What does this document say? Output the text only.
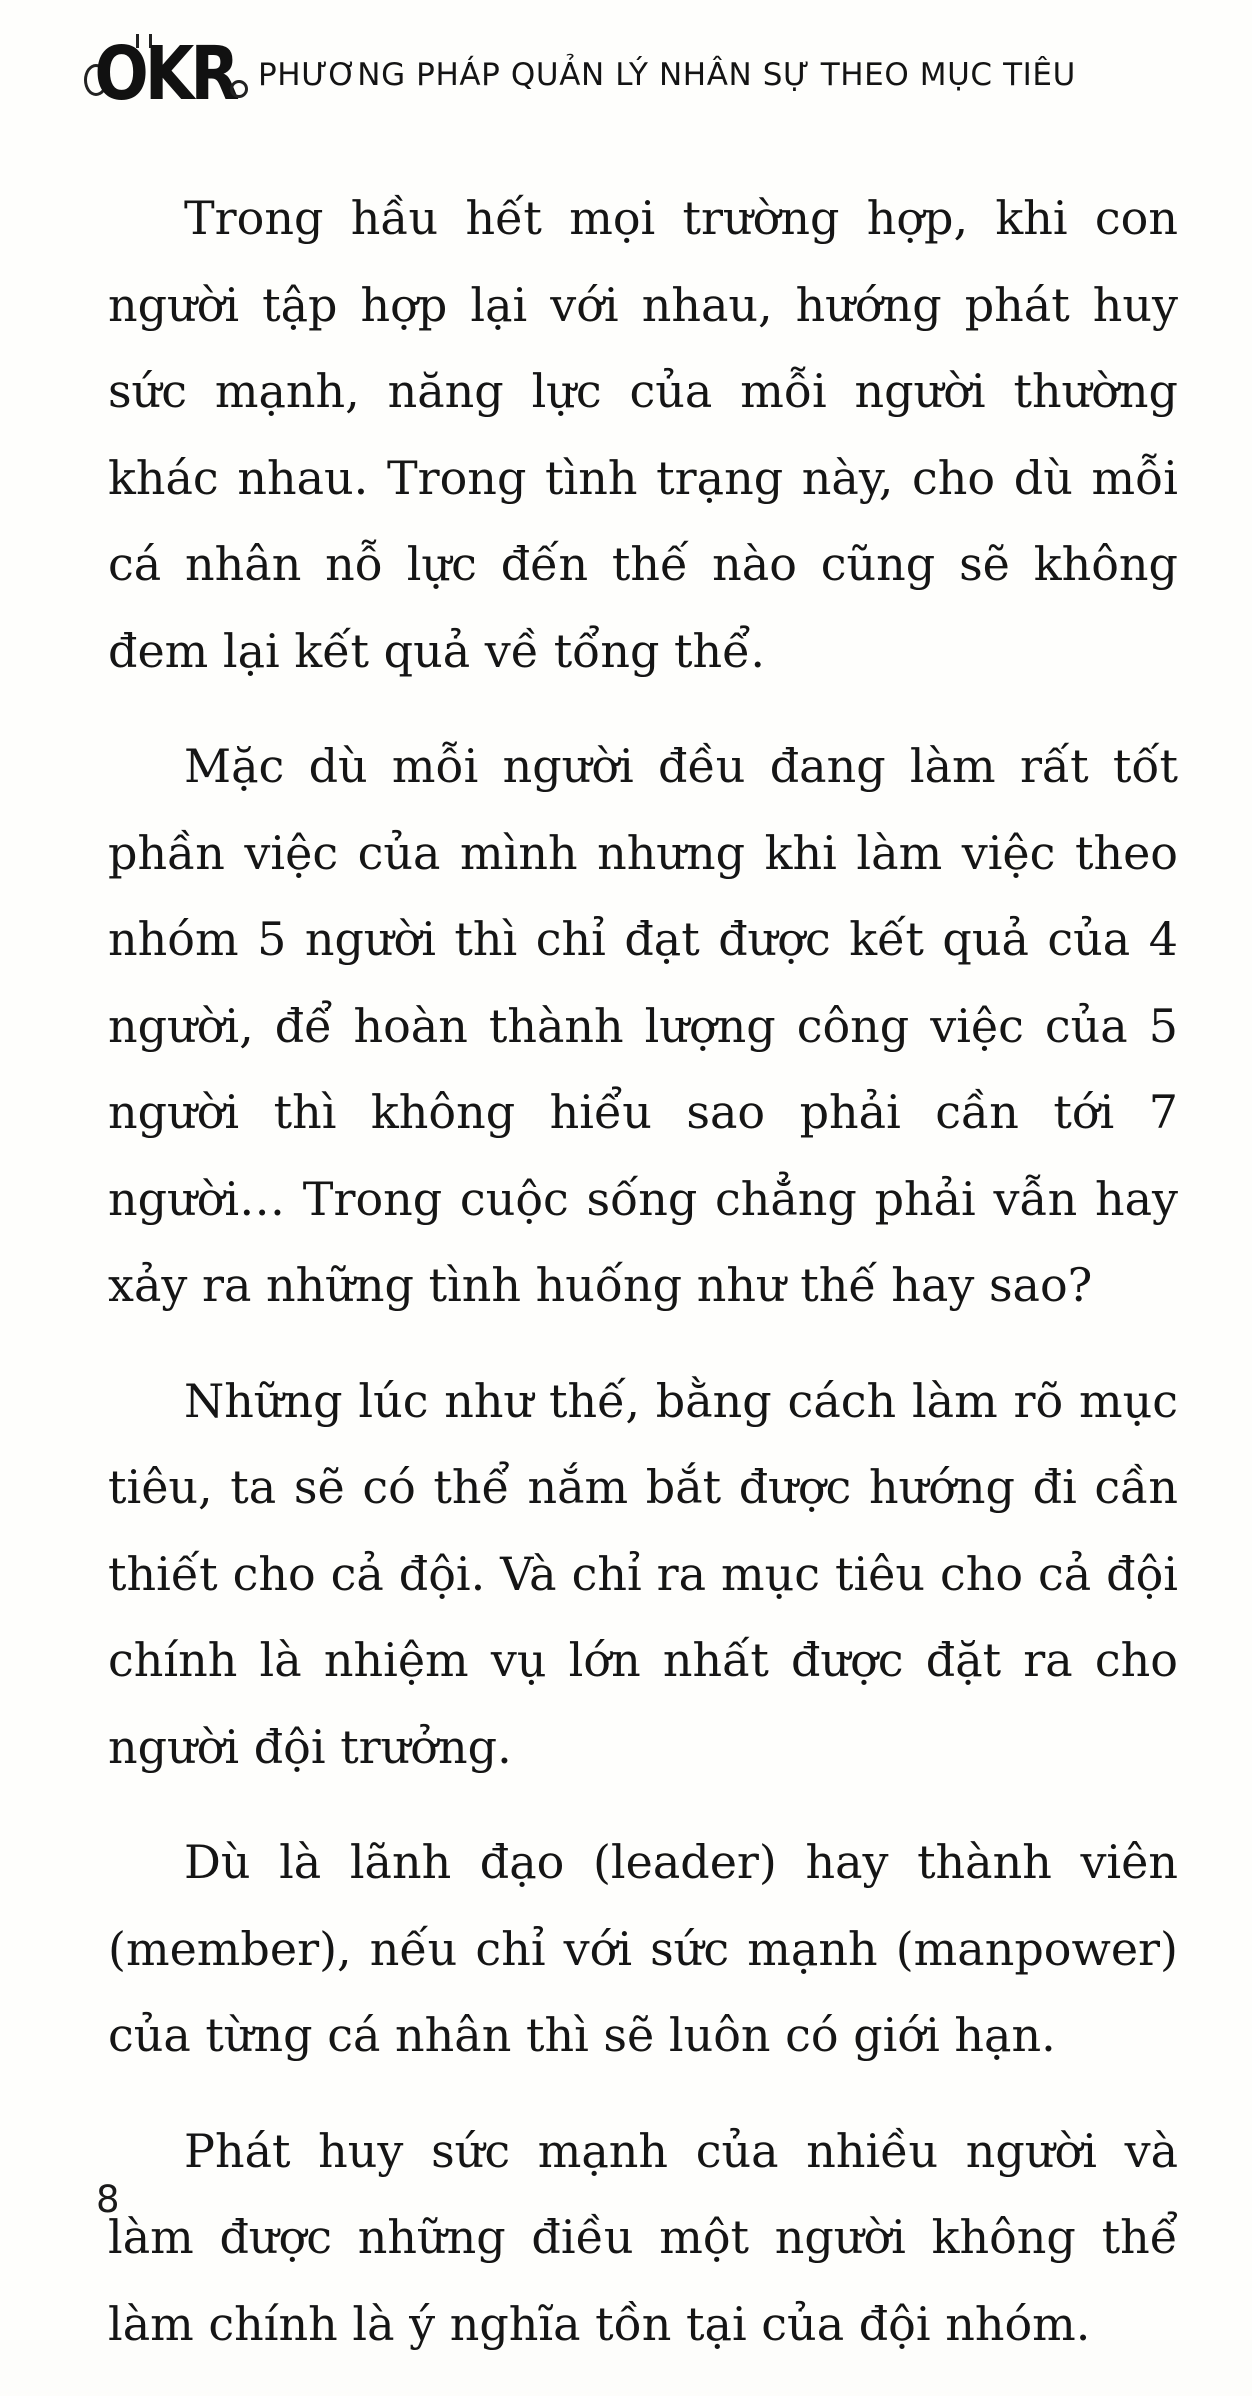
OKR PHƯƠNG PHÁP QUẢN LÝ NHÂN SỰ THEO MỤC TIÊU

Trong hầu hết mọi trường hợp, khi con người tập hợp lại với nhau, hướng phát huy sức mạnh, năng lực của mỗi người thường khác nhau. Trong tình trạng này, cho dù mỗi cá nhân nỗ lực đến thế nào cũng sẽ không đem lại kết quả về tổng thể.

Mặc dù mỗi người đều đang làm rất tốt phần việc của mình nhưng khi làm việc theo nhóm 5 người thì chỉ đạt được kết quả của 4 người, để hoàn thành lượng công việc của 5 người thì không hiểu sao phải cần tới 7 người… Trong cuộc sống chẳng phải vẫn hay xảy ra những tình huống như thế hay sao?

Những lúc như thế, bằng cách làm rõ mục tiêu, ta sẽ có thể nắm bắt được hướng đi cần thiết cho cả đội. Và chỉ ra mục tiêu cho cả đội chính là nhiệm vụ lớn nhất được đặt ra cho người đội trưởng.

Dù là lãnh đạo (leader) hay thành viên (member), nếu chỉ với sức mạnh (manpower) của từng cá nhân thì sẽ luôn có giới hạn.

Phát huy sức mạnh của nhiều người và làm được những điều một người không thể làm chính là ý nghĩa tồn tại của đội nhóm.

8
